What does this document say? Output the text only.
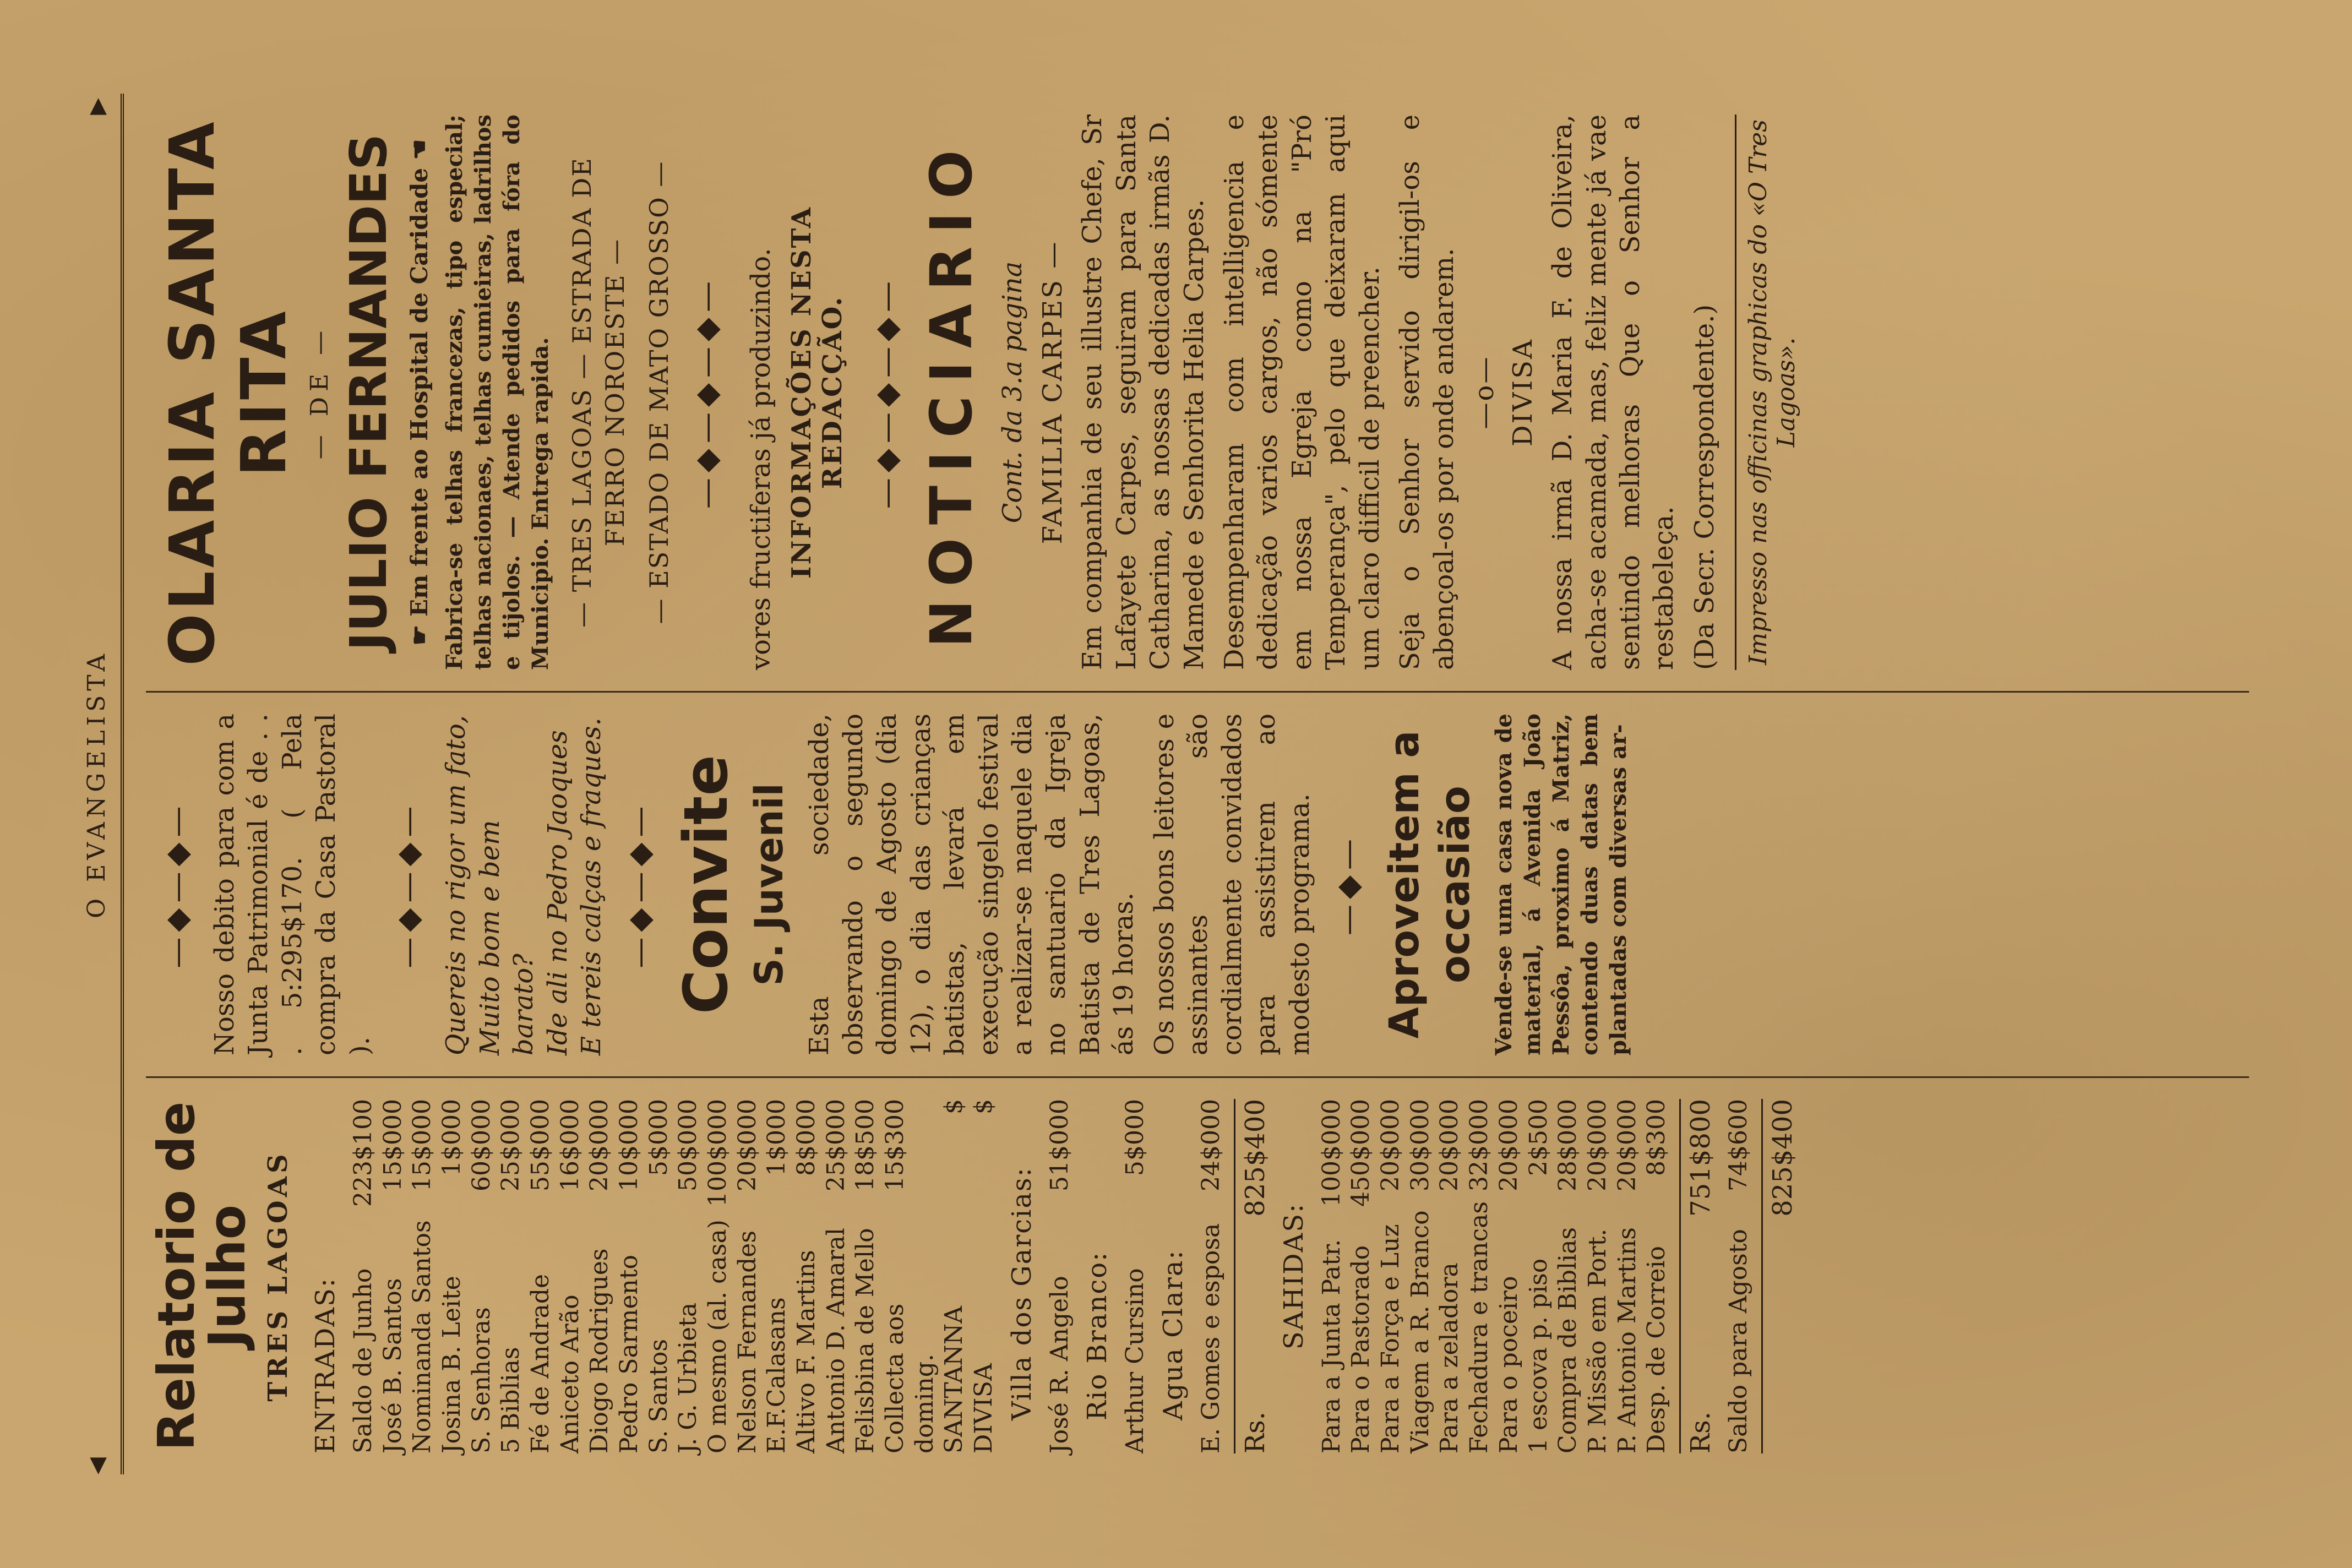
◀
O EVANGELISTA
▶
Relatorio de Julho TRES LAGOAS ENTRADAS: Saldo de Junho
223$100
José B. Santos
15$000
Nominanda Santos
15$000
Josina B. Leite
1$000
S. Senhoras
60$000
5 Biblias
25$000
Fé de Andrade
55$000
Aniceto Arão
16$000
Diogo Rodrigues
20$000
Pedro Sarmento
10$000
S. Santos
5$000
J. G. Urbieta
50$000
O mesmo (al. casa)
100$000
Nelson Fernandes
20$000
E.F.Calasans
1$000
Altivo F. Martins
8$000
Antonio D. Amaral
25$000
Felisbina de Mello
18$500
Collecta aos doming.
15$300
SANTANNA
$
DIVISA
$
Villa dos Garcias: José R. Angelo
51$000
Rio Branco: Arthur Cursino
5$000
Agua Clara: E. Gomes e esposa
24$000
Rs.
825$400
SAHIDAS: Para a Junta Patr.
100$000
Para o Pastorado
450$000
Para a Força e Luz
20$000
Viagem a R. Branco
30$000
Para a zeladora
20$000
Fechadura e trancas
32$000
Para o poceiro
20$000
1 escova p. piso
2$500
Compra de Biblias
28$000
P. Missão em Port.
20$000
P. Antonio Martins
20$000
Desp. de Correio
8$300
Rs.
751$800
Saldo para Agosto
74$600 825$400
—◆—◆— Nosso debito para com a Junta Patrimonial é de . . . 5:295$170. ( Pela compra da Casa Pastoral ).
—◆—◆— Quereis no rigor um fato, Muito bom e bem barato? Ide ali no Pedro Jaoques E tereis calças e fraques. —◆—◆— Convite S. Juvenil Esta sociedade, observando o segundo domingo de Agosto (dia 12), o dia das crianças batistas, levará em execução singelo festival a realizar-se naquele dia no santuario da Igreja Batista de Tres Lagoas, ás 19 horas. Os nossos bons leitores e assinantes são cordialmente convidados para assistirem ao modesto programa. —◆— Aproveitem a occasião Vende-se uma casa nova de material, á Avenida João Pessôa, proximo á Matriz, contendo duas datas bem plantadas com diversas ar-
OLARIA SANTA RITA — DE — JULIO FERNANDES ☛ Em frente ao Hospital de Caridade ☚ Fabrica-se telhas francezas, tipo especial; telhas nacionaes, telhas cumieiras, ladrilhos e tijolos. — Atende pedidos para fóra do Municipio. Entrega rapida. — TRES LAGOAS — ESTRADA DE FERRO NOROESTE — — ESTADO DE MATO GROSSO — —◆—◆—◆— vores fructiferas já produzindo. INFORMAÇÕES NESTA REDACÇÃO. —◆—◆—◆— NOTICIARIO Cont. da 3.a pagina FAMILIA CARPES — Em companhia de seu illustre Chefe, Sr Lafayete Carpes, seguiram para Santa Catharina, as nossas dedicadas irmãs D. Mamede e Senhorita Helia Carpes. Desempenharam com intelligencia e dedicação varios cargos, não sómente em nossa Egreja como na "Pró Temperança", pelo que deixaram aqui um claro difficil de preencher. Seja o Senhor servido dirigil-os e abençoal-os por onde andarem. —o— DIVISA A nossa irmã D. Maria F. de Oliveira, acha-se acamada, mas, feliz mente já vae sentindo melhoras Que o Senhor a restabeleça. (Da Secr. Correspondente.)	Impresso nas officinas graphicas do «O Tres Lagoas».
